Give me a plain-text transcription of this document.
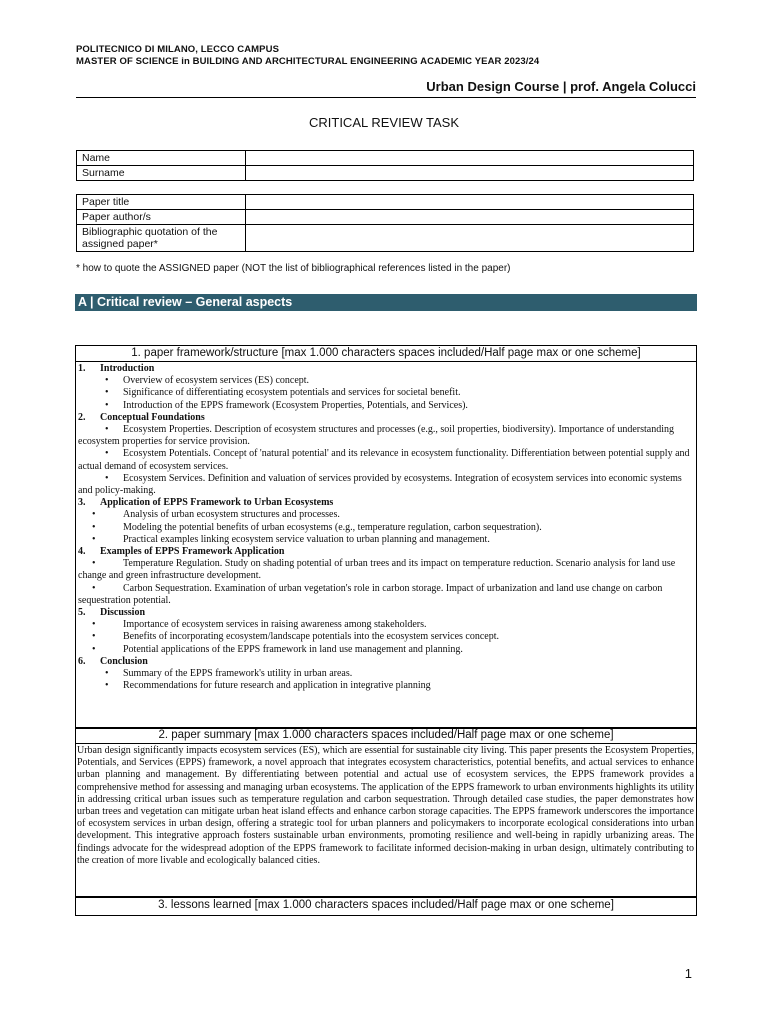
POLITECNICO DI MILANO, LECCO CAMPUS
MASTER OF SCIENCE in BUILDING AND ARCHITECTURAL ENGINEERING ACADEMIC YEAR 2023/24
Urban Design Course | prof. Angela Colucci
CRITICAL REVIEW TASK
Name	
Surname	
Paper title	
Paper author/s	
Bibliographic quotation of the assigned paper*	
* how to quote the ASSIGNED paper (NOT the list of bibliographical references listed in the paper)
A | Critical review – General aspects
1. paper framework/structure [max 1.000 characters spaces included/Half page max or one scheme]
1. Introduction
• Overview of ecosystem services (ES) concept.
• Significance of differentiating ecosystem potentials and services for societal benefit.
• Introduction of the EPPS framework (Ecosystem Properties, Potentials, and Services).
2. Conceptual Foundations
• Ecosystem Properties. Description of ecosystem structures and processes (e.g., soil properties, biodiversity). Importance of understanding ecosystem properties for service provision.
• Ecosystem Potentials. Concept of 'natural potential' and its relevance in ecosystem functionality. Differentiation between potential supply and actual demand of ecosystem services.
• Ecosystem Services. Definition and valuation of services provided by ecosystems. Integration of ecosystem services into economic systems and policy-making.
3. Application of EPPS Framework to Urban Ecosystems
• Analysis of urban ecosystem structures and processes.
• Modeling the potential benefits of urban ecosystems (e.g., temperature regulation, carbon sequestration).
• Practical examples linking ecosystem service valuation to urban planning and management.
4. Examples of EPPS Framework Application
• Temperature Regulation. Study on shading potential of urban trees and its impact on temperature reduction. Scenario analysis for land use change and green infrastructure development.
• Carbon Sequestration. Examination of urban vegetation's role in carbon storage. Impact of urbanization and land use change on carbon sequestration potential.
5. Discussion
• Importance of ecosystem services in raising awareness among stakeholders.
• Benefits of incorporating ecosystem/landscape potentials into the ecosystem services concept.
• Potential applications of the EPPS framework in land use management and planning.
6. Conclusion
• Summary of the EPPS framework's utility in urban areas.
• Recommendations for future research and application in integrative planning
2. paper summary [max 1.000 characters spaces included/Half page max or one scheme]
Urban design significantly impacts ecosystem services (ES), which are essential for sustainable city living. This paper presents the Ecosystem Properties, Potentials, and Services (EPPS) framework, a novel approach that integrates ecosystem characteristics, potential benefits, and actual services to enhance urban planning and management. By differentiating between potential and actual use of ecosystem services, the EPPS framework provides a comprehensive method for assessing and managing urban ecosystems. The application of the EPPS framework to urban environments highlights its utility in addressing critical urban issues such as temperature regulation and carbon sequestration. Through detailed case studies, the paper demonstrates how urban trees and vegetation can mitigate urban heat island effects and enhance carbon storage capacities. The EPPS framework underscores the importance of ecosystem services in urban design, offering a strategic tool for urban planners and policymakers to incorporate ecological considerations into urban development. This integrative approach fosters sustainable urban environments, promoting resilience and well-being in rapidly urbanizing areas. The findings advocate for the widespread adoption of the EPPS framework to facilitate informed decision-making in urban design, ultimately contributing to the creation of more livable and ecologically balanced cities.
3. lessons learned [max 1.000 characters spaces included/Half page max or one scheme]
1
